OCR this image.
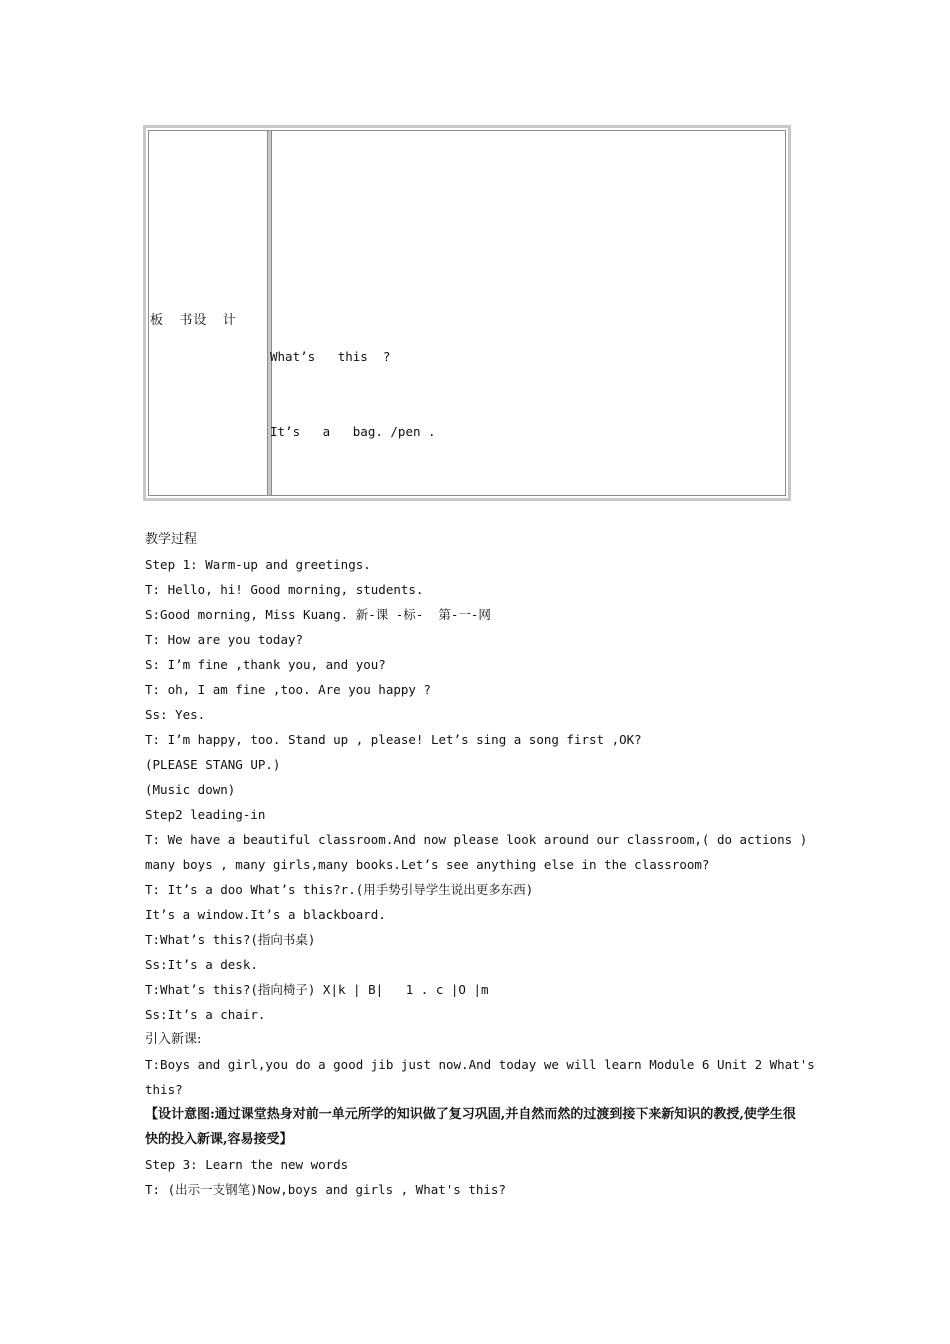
板   书设   计

What’s   this  ?

It’s   a   bag. /pen .

教学过程
Step 1: Warm-up and greetings.
T: Hello, hi! Good morning, students.
S:Good morning, Miss Kuang. 新-课 -标-  第-一-网
T: How are you today?
S: I’m fine ,thank you, and you?
T: oh, I am fine ,too. Are you happy ?
Ss: Yes.
T: I’m happy, too. Stand up , please! Let’s sing a song first ,OK?
(PLEASE STANG UP.)
(Music down)
Step2 leading-in
T: We have a beautiful classroom.And now please look around our classroom,( do actions )
many boys , many girls,many books.Let’s see anything else in the classroom?
T: It’s a doo What’s this?r.(用手势引导学生说出更多东西)
It’s a window.It’s a blackboard.
T:What’s this?(指向书桌)
Ss:It’s a desk.
T:What’s this?(指向椅子) X|k | B|   1 . c |O |m
Ss:It’s a chair.
引入新课:
T:Boys and girl,you do a good jib just now.And today we will learn Module 6 Unit 2 What's
this?
【设计意图:通过课堂热身对前一单元所学的知识做了复习巩固,并自然而然的过渡到接下来新知识的教授,使学生很快的投入新课,容易接受】
Step 3: Learn the new words
T: (出示一支钢笔)Now,boys and girls , What's this?
